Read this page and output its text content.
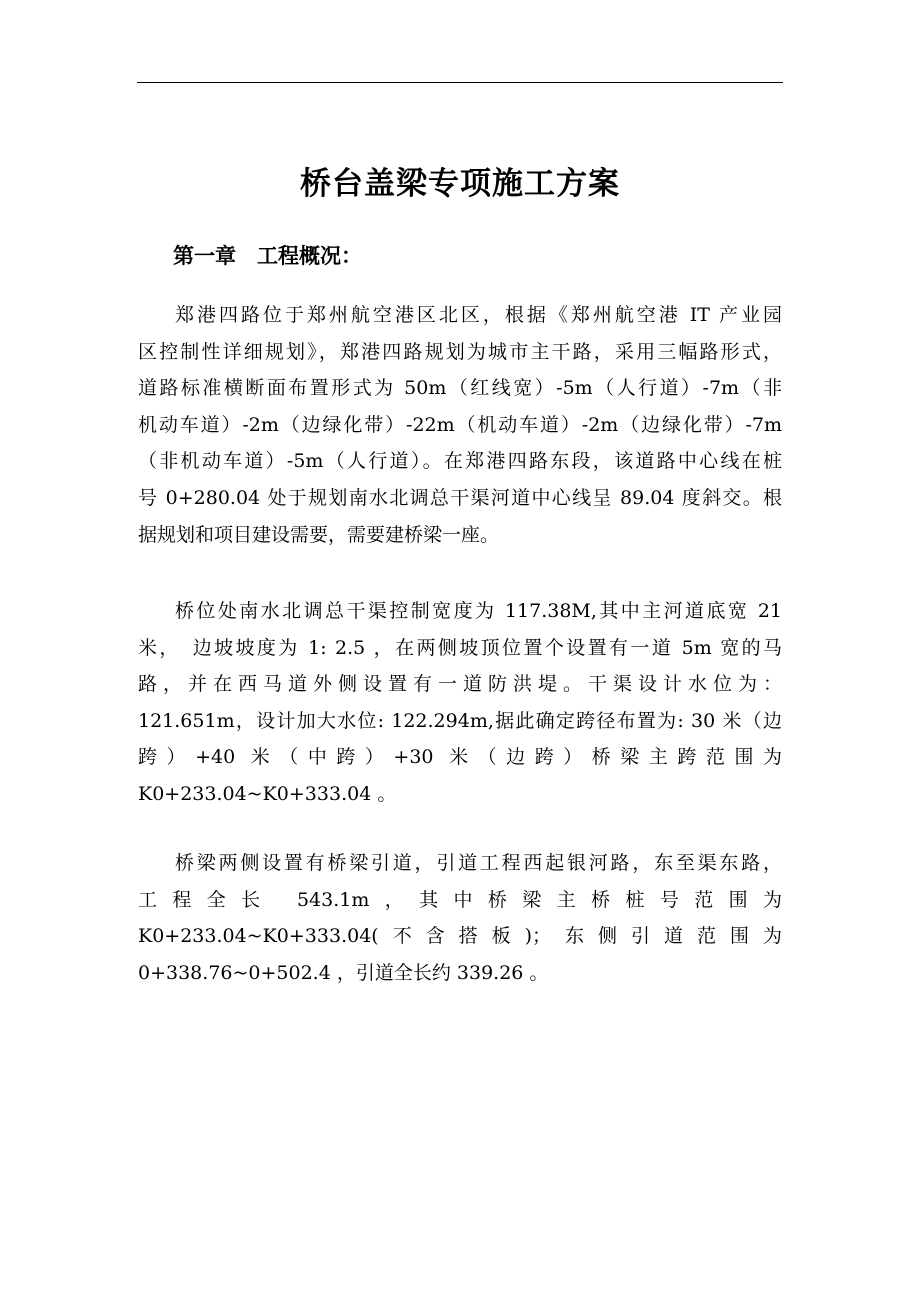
桥台盖梁专项施工方案
第一章　工程概况：
郑港四路位于郑州航空港区北区，根据《郑州航空港 IT 产业园
区控制性详细规划》，郑港四路规划为城市主干路，采用三幅路形式，
道路标准横断面布置形式为 50m（红线宽）-5m（人行道）-7m（非
机动车道）-2m（边绿化带）-22m（机动车道）-2m（边绿化带）-7m
（非机动车道）-5m（人行道）。在郑港四路东段，该道路中心线在桩
号 0+280.04 处于规划南水北调总干渠河道中心线呈 89.04 度斜交。根
据规划和项目建设需要，需要建桥梁一座。
桥位处南水北调总干渠控制宽度为 117.38M,其中主河道底宽 21
米，　边坡坡度为 1: 2.5 ，在两侧坡顶位置个设置有一道 5m 宽的马
路，并在西马道外侧设置有一道防洪堤。干渠设计水位为：
121.651m，设计加大水位: 122.294m,据此确定跨径布置为: 30 米（边
跨）+40 米（中跨）+30 米（边跨）桥梁主跨范围为
K0+233.04~K0+333.04 。
桥梁两侧设置有桥梁引道，引道工程西起银河路，东至渠东路，
工程全长 543.1m，其中桥梁主桥桩号范围为
K0+233.04~K0+333.04(不含搭板)；东侧引道范围为
0+338.76~0+502.4 ，引道全长约 339.26 。
